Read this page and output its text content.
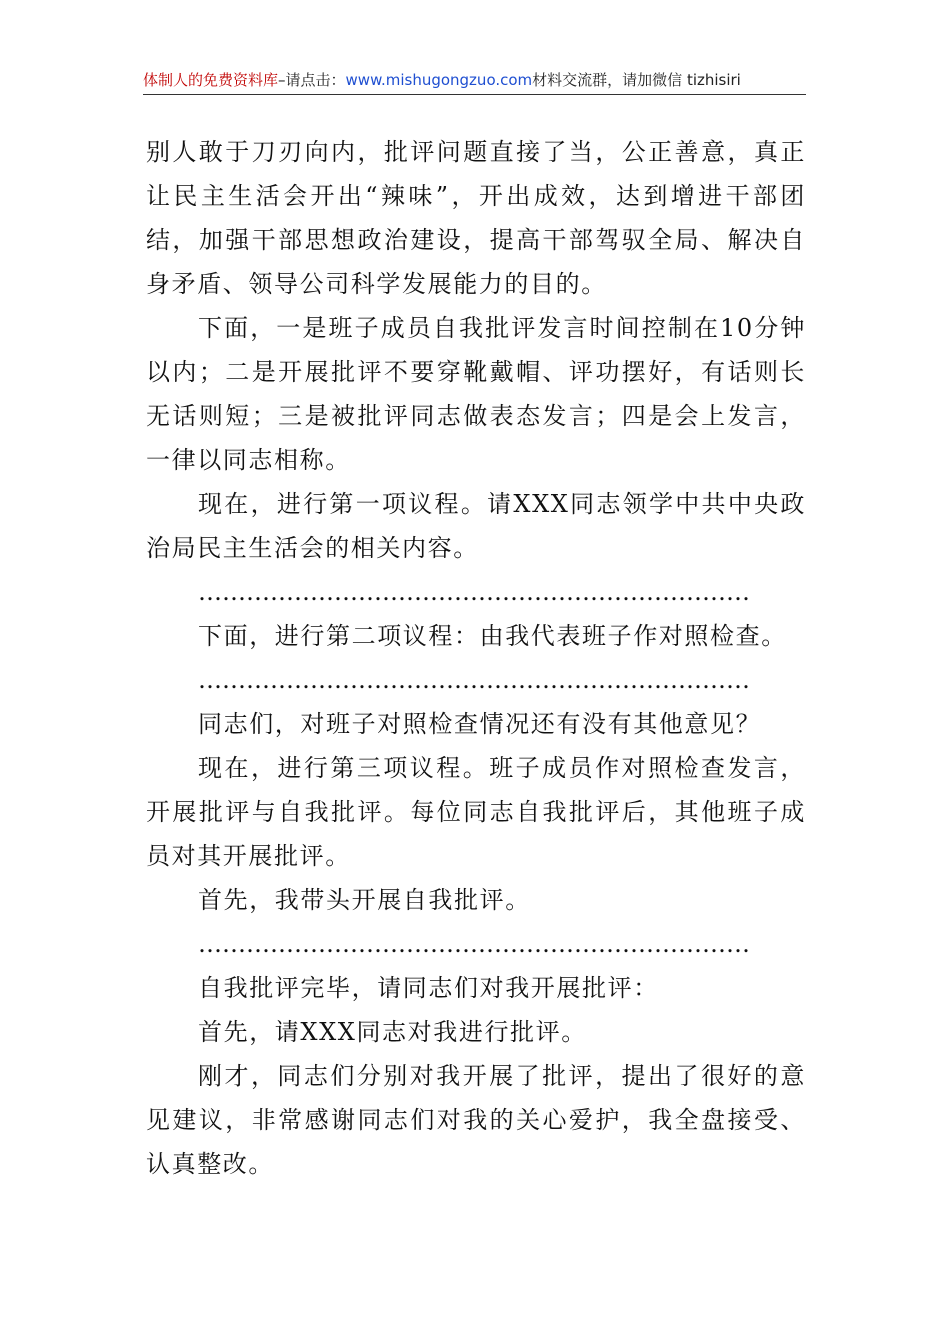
体制人的免费资料库–请点击：www.mishugongzuo.com材料交流群，请加微信 tizhisiri

别人敢于刀刃向内，批评问题直接了当，公正善意，真正让民主生活会开出“辣味”，开出成效，达到增进干部团结，加强干部思想政治建设，提高干部驾驭全局、解决自身矛盾、领导公司科学发展能力的目的。

下面，一是班子成员自我批评发言时间控制在10分钟以内；二是开展批评不要穿靴戴帽、评功摆好，有话则长无话则短；三是被批评同志做表态发言；四是会上发言，一律以同志相称。

现在，进行第一项议程。请XXX同志领学中共中央政治局民主生活会的相关内容。

……………………………………………………………

下面，进行第二项议程：由我代表班子作对照检查。

……………………………………………………………

同志们，对班子对照检查情况还有没有其他意见？

现在，进行第三项议程。班子成员作对照检查发言，开展批评与自我批评。每位同志自我批评后，其他班子成员对其开展批评。

首先，我带头开展自我批评。

……………………………………………………………

自我批评完毕，请同志们对我开展批评：

首先，请XXX同志对我进行批评。

刚才，同志们分别对我开展了批评，提出了很好的意见建议，非常感谢同志们对我的关心爱护，我全盘接受、认真整改。
